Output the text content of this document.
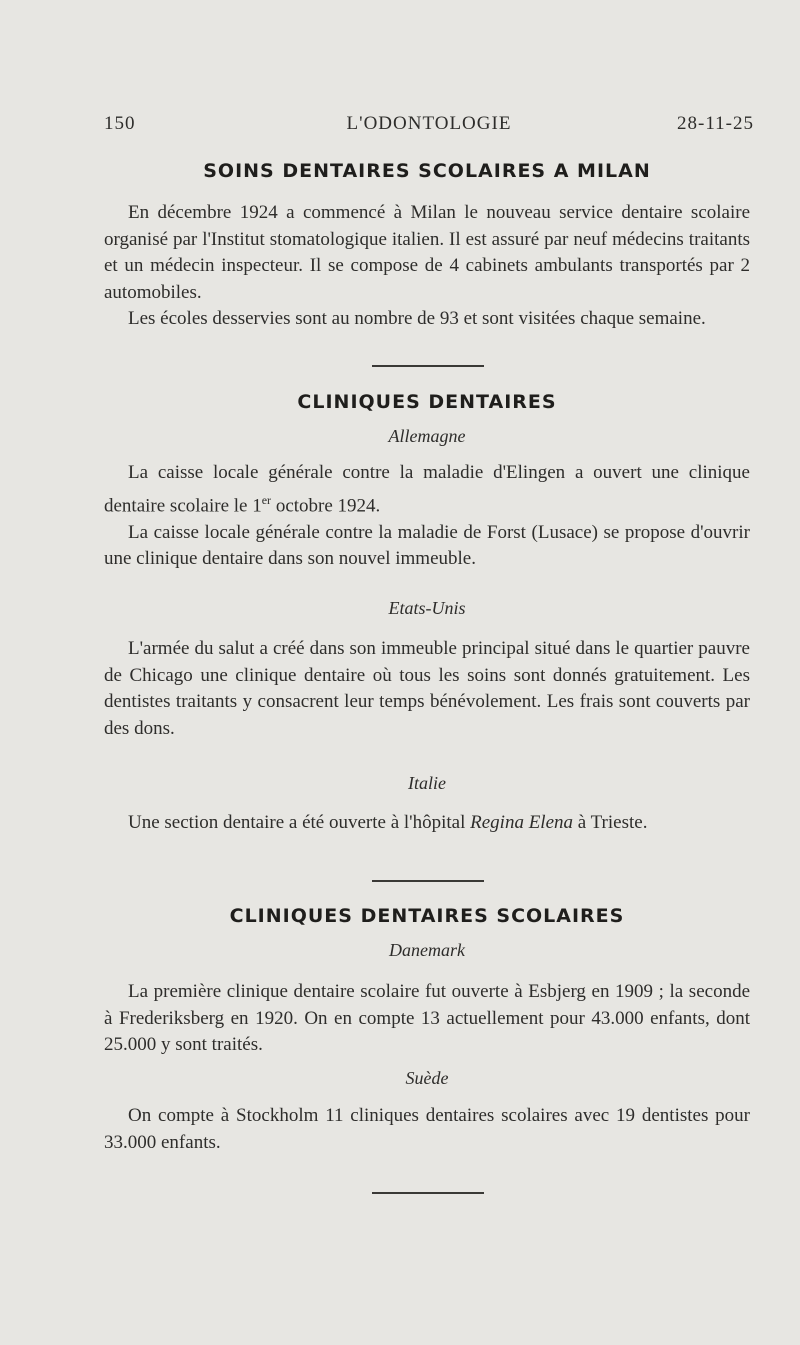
150	L'ODONTOLOGIE	28-11-25
SOINS DENTAIRES SCOLAIRES A MILAN

En décembre 1924 a commencé à Milan le nouveau service dentaire scolaire organisé par l'Institut stomatologique italien. Il est assuré par neuf médecins traitants et un médecin inspecteur. Il se compose de 4 cabinets ambulants transportés par 2 automobiles.

Les écoles desservies sont au nombre de 93 et sont visitées chaque semaine.

CLINIQUES DENTAIRES
Allemagne

La caisse locale générale contre la maladie d'Elingen a ouvert une clinique dentaire scolaire le 1er octobre 1924.

La caisse locale générale contre la maladie de Forst (Lusace) se propose d'ouvrir une clinique dentaire dans son nouvel immeuble.

Etats-Unis

L'armée du salut a créé dans son immeuble principal situé dans le quartier pauvre de Chicago une clinique dentaire où tous les soins sont donnés gratuitement. Les dentistes traitants y consacrent leur temps bénévolement. Les frais sont couverts par des dons.

Italie

Une section dentaire a été ouverte à l'hôpital Regina Elena à Trieste.

CLINIQUES DENTAIRES SCOLAIRES
Danemark

La première clinique dentaire scolaire fut ouverte à Esbjerg en 1909 ; la seconde à Frederiksberg en 1920. On en compte 13 actuellement pour 43.000 enfants, dont 25.000 y sont traités.

Suède

On compte à Stockholm 11 cliniques dentaires scolaires avec 19 dentistes pour 33.000 enfants.
